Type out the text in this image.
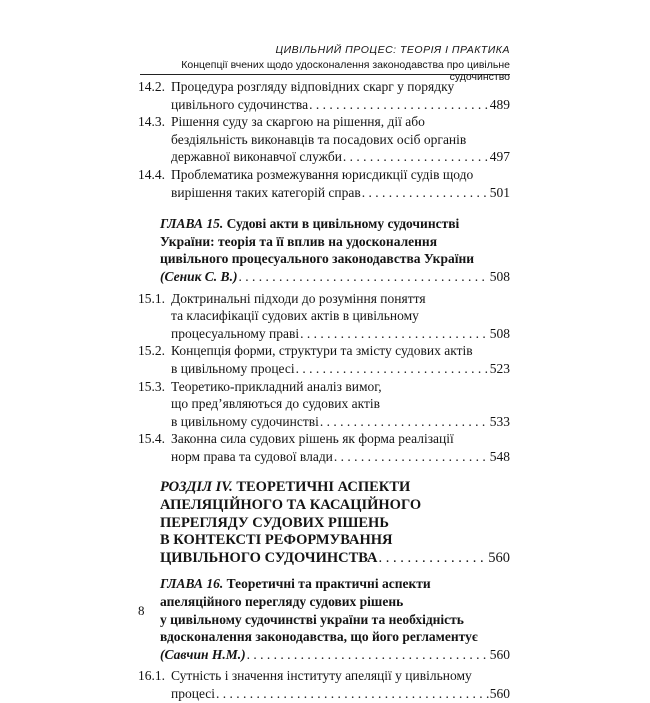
ЦИВІЛЬНИЙ ПРОЦЕС: ТЕОРІЯ І ПРАКТИКА
Концепції вчених щодо удосконалення законодавства про цивільне судочинство
14.2. Процедура розгляду відповідних скарг у порядку
цивільного судочинства . . .	489
14.3. Рішення суду за скаргою на рішення, дії або
бездіяльність виконавців та посадових осіб органів
державної виконавчої служби . . .	497
14.4. Проблематика розмежування юрисдикції судів щодо
вирішення таких категорій справ . . .	501
ГЛАВА 15. Судові акти в цивільному судочинстві
України: теорія та її вплив на удосконалення
цивільного процесуального законодавства України
(Сеник С. В.) . . .	508
15.1. Доктринальні підходи до розуміння поняття
та класифікації судових актів в цивільному
процесуальному праві . . .	508
15.2. Концепція форми, структури та змісту судових актів
в цивільному процесі . . .	523
15.3. Теоретико-прикладний аналіз вимог,
що пред’являються до судових актів
в цивільному судочинстві . . .	533
15.4. Законна сила судових рішень як форма реалізації
норм права та судової влади . . .	548
РОЗДІЛ IV. ТЕОРЕТИЧНІ АСПЕКТИ
АПЕЛЯЦІЙНОГО ТА КАСАЦІЙНОГО
ПЕРЕГЛЯДУ СУДОВИХ РІШЕНЬ
В КОНТЕКСТІ РЕФОРМУВАННЯ
ЦИВІЛЬНОГО СУДОЧИНСТВА . . .	560
ГЛАВА 16. Теоретичні та практичні аспекти
апеляційного перегляду судових рішень
у цивільному судочинстві україни та необхідність
вдосконалення законодавства, що його регламентує
(Савчин Н.М.) . . .	560
16.1. Сутність і значення інституту апеляції у цивільному
процесі . . .	560
8
